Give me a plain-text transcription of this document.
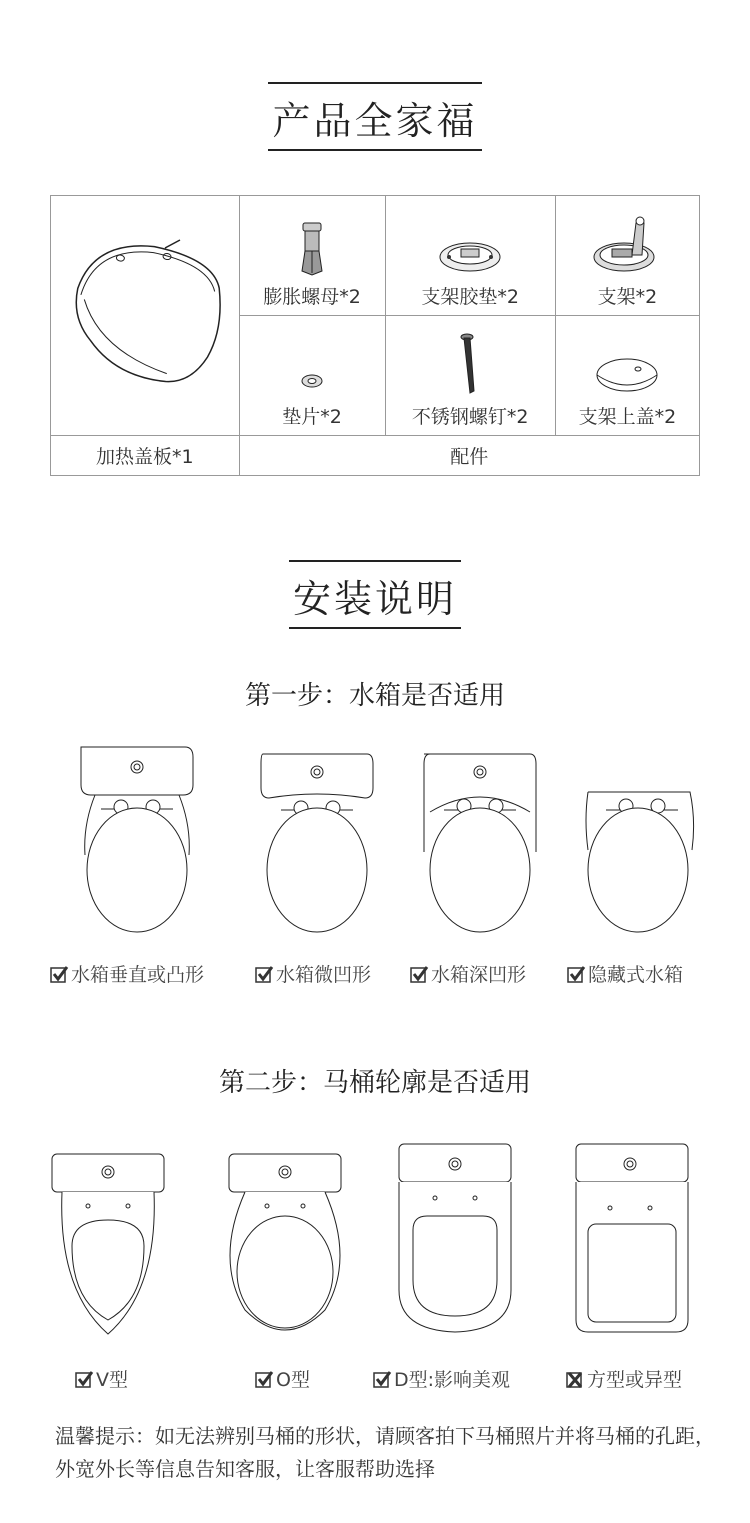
产品全家福

膨胀螺母*2	支架胶垫*2	支架*2

	垫片*2	不锈钢螺钉*2	支架上盖*2

加热盖板*1	配件		
安装说明
第一步：水箱是否适用
水箱垂直或凸形	水箱微凹形	水箱深凹形	隐藏式水箱
第二步：马桶轮廓是否适用
V型	O型	D型:影响美观	方型或异型
温馨提示：如无法辨别马桶的形状，请顾客拍下马桶照片并将马桶的孔距，外宽外长等信息告知客服，让客服帮助选择
